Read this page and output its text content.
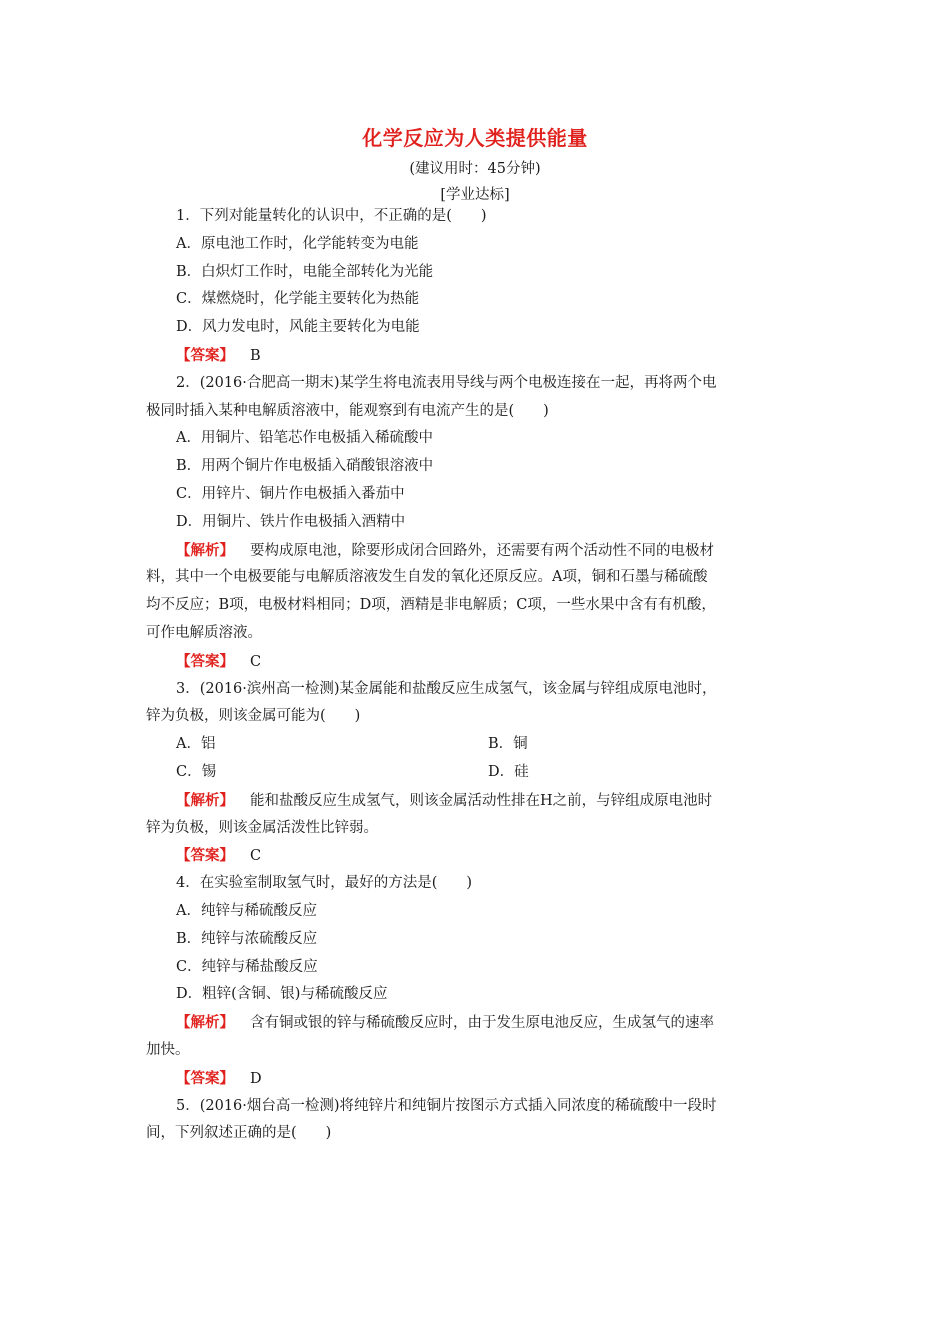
化学反应为人类提供能量
(建议用时：45分钟)
[学业达标]
1．下列对能量转化的认识中，不正确的是(　　)
A．原电池工作时，化学能转变为电能
B．白炽灯工作时，电能全部转化为光能
C．煤燃烧时，化学能主要转化为热能
D．风力发电时，风能主要转化为电能
【答案】 B
2．(2016·合肥高一期末)某学生将电流表用导线与两个电极连接在一起，再将两个电
极同时插入某种电解质溶液中，能观察到有电流产生的是(　　)
A．用铜片、铅笔芯作电极插入稀硫酸中
B．用两个铜片作电极插入硝酸银溶液中
C．用锌片、铜片作电极插入番茄中
D．用铜片、铁片作电极插入酒精中
【解析】 要构成原电池，除要形成闭合回路外，还需要有两个活动性不同的电极材
料，其中一个电极要能与电解质溶液发生自发的氧化还原反应。A项，铜和石墨与稀硫酸
均不反应；B项，电极材料相同；D项，酒精是非电解质；C项，一些水果中含有有机酸，
可作电解质溶液。
【答案】 C
3．(2016·滨州高一检测)某金属能和盐酸反应生成氢气，该金属与锌组成原电池时，
锌为负极，则该金属可能为(　　)
A．铝	B．铜
C．锡	D．硅
【解析】 能和盐酸反应生成氢气，则该金属活动性排在H之前，与锌组成原电池时
锌为负极，则该金属活泼性比锌弱。
【答案】 C
4．在实验室制取氢气时，最好的方法是(　　)
A．纯锌与稀硫酸反应
B．纯锌与浓硫酸反应
C．纯锌与稀盐酸反应
D．粗锌(含铜、银)与稀硫酸反应
【解析】 含有铜或银的锌与稀硫酸反应时，由于发生原电池反应，生成氢气的速率
加快。
【答案】 D
5．(2016·烟台高一检测)将纯锌片和纯铜片按图示方式插入同浓度的稀硫酸中一段时
间，下列叙述正确的是(　　)
